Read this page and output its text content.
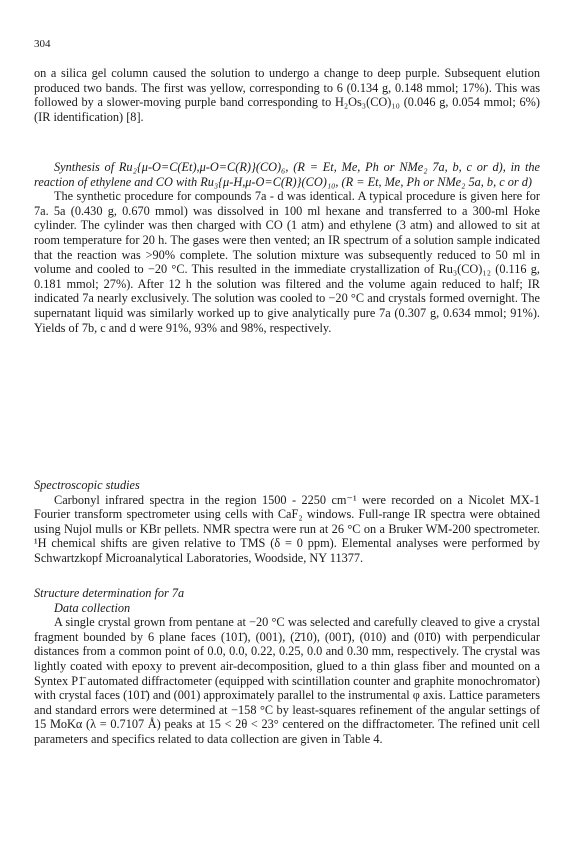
304

on a silica gel column caused the solution to undergo a change to deep purple. Subsequent elution produced two bands. The first was yellow, corresponding to 6 (0.134 g, 0.148 mmol; 17%). This was followed by a slower-moving purple band corresponding to H₂Os₃(CO)₁₀ (0.046 g, 0.054 mmol; 6%) (IR identification) [8].

Synthesis of Ru₂{μ-O=C(Et),μ-O=C(R)}(CO)₆, (R = Et, Me, Ph or NMe₂ 7a, b, c or d), in the reaction of ethylene and CO with Ru₃{μ-H,μ-O=C(R)}(CO)₁₀, (R = Et, Me, Ph or NMe₂ 5a, b, c or d)

The synthetic procedure for compounds 7a - d was identical. A typical procedure is given here for 7a. 5a (0.430 g, 0.670 mmol) was dissolved in 100 ml hexane and transferred to a 300-ml Hoke cylinder. The cylinder was then charged with CO (1 atm) and ethylene (3 atm) and allowed to sit at room temperature for 20 h. The gases were then vented; an IR spectrum of a solution sample indicated that the reaction was >90% complete. The solution mixture was subsequently reduced to 50 ml in volume and cooled to −20 °C. This resulted in the immediate crystallization of Ru₃(CO)₁₂ (0.116 g, 0.181 mmol; 27%). After 12 h the solution was filtered and the volume again reduced to half; IR indicated 7a nearly exclusively. The solution was cooled to −20 °C and crystals formed overnight. The supernatant liquid was similarly worked up to give analytically pure 7a (0.307 g, 0.634 mmol; 91%). Yields of 7b, c and d were 91%, 93% and 98%, respectively.

Spectroscopic studies

Carbonyl infrared spectra in the region 1500 - 2250 cm⁻¹ were recorded on a Nicolet MX-1 Fourier transform spectrometer using cells with CaF₂ windows. Full-range IR spectra were obtained using Nujol mulls or KBr pellets. NMR spectra were run at 26 °C on a Bruker WM-200 spectrometer. ¹H chemical shifts are given relative to TMS (δ = 0 ppm). Elemental analyses were performed by Schwartzkopf Microanalytical Laboratories, Woodside, NY 11377.

Structure determination for 7a

Data collection

A single crystal grown from pentane at −20 °C was selected and carefully cleaved to give a crystal fragment bounded by 6 plane faces (101̄), (001), (2̄10), (001̄), (010) and (01̄0) with perpendicular distances from a common point of 0.0, 0.0, 0.22, 0.25, 0.0 and 0.30 mm, respectively. The crystal was lightly coated with epoxy to prevent air-decomposition, glued to a thin glass fiber and mounted on a Syntex P1̄ automated diffractometer (equipped with scintillation counter and graphite monochromator) with crystal faces (101̄) and (001) approximately parallel to the instrumental φ axis. Lattice parameters and standard errors were determined at −158 °C by least-squares refinement of the angular settings of 15 MoKα (λ = 0.7107 Å) peaks at 15 < 2θ < 23° centered on the diffractometer. The refined unit cell parameters and specifics related to data collection are given in Table 4.
